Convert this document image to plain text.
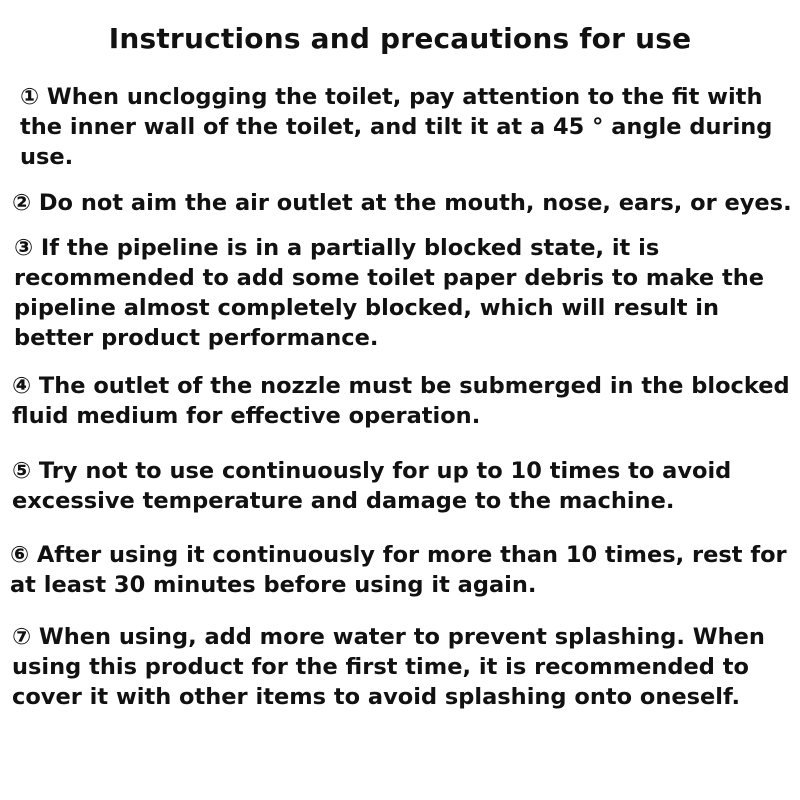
Instructions and precautions for use
① When unclogging the toilet, pay attention to the fit with
the inner wall of the toilet, and tilt it at a 45 ° angle during
use.
② Do not aim the air outlet at the mouth, nose, ears, or eyes.
③ If the pipeline is in a partially blocked state, it is
recommended to add some toilet paper debris to make the
pipeline almost completely blocked, which will result in
better product performance.
④ The outlet of the nozzle must be submerged in the blocked
fluid medium for effective operation.
⑤ Try not to use continuously for up to 10 times to avoid
excessive temperature and damage to the machine.
⑥ After using it continuously for more than 10 times, rest for
at least 30 minutes before using it again.
⑦ When using, add more water to prevent splashing. When
using this product for the first time, it is recommended to
cover it with other items to avoid splashing onto oneself.
